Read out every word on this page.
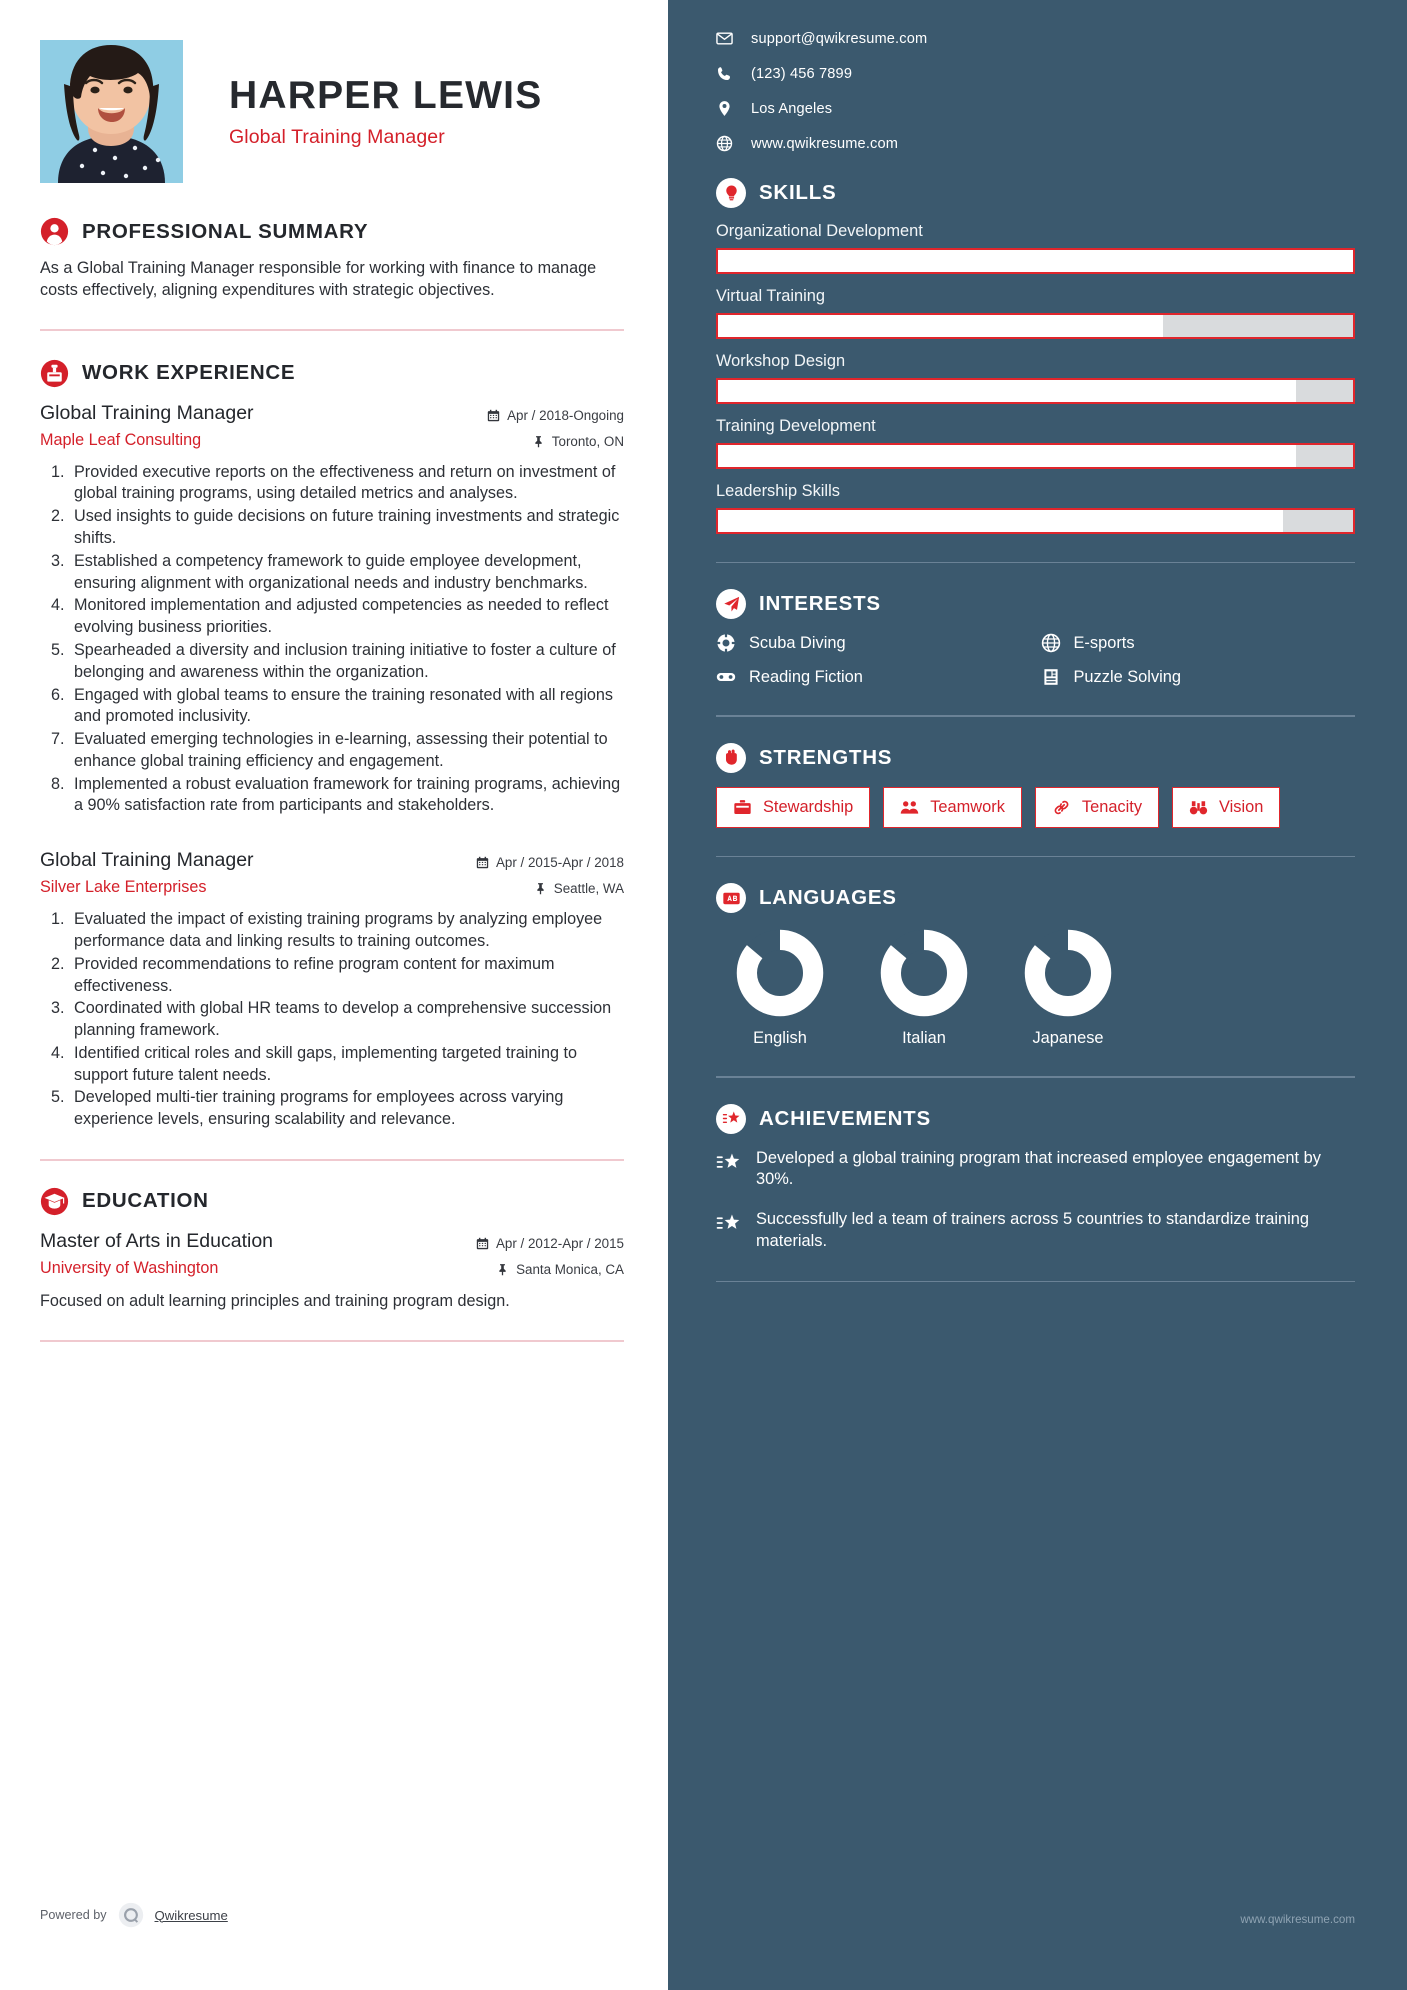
HARPER LEWIS
Global Training Manager
PROFESSIONAL SUMMARY
As a Global Training Manager responsible for working with finance to manage costs effectively, aligning expenditures with strategic objectives.
WORK EXPERIENCE
Global Training Manager
Maple Leaf Consulting
Apr / 2018-Ongoing
Toronto, ON
1. Provided executive reports on the effectiveness and return on investment of global training programs, using detailed metrics and analyses.
2. Used insights to guide decisions on future training investments and strategic shifts.
3. Established a competency framework to guide employee development, ensuring alignment with organizational needs and industry benchmarks.
4. Monitored implementation and adjusted competencies as needed to reflect evolving business priorities.
5. Spearheaded a diversity and inclusion training initiative to foster a culture of belonging and awareness within the organization.
6. Engaged with global teams to ensure the training resonated with all regions and promoted inclusivity.
7. Evaluated emerging technologies in e-learning, assessing their potential to enhance global training efficiency and engagement.
8. Implemented a robust evaluation framework for training programs, achieving a 90% satisfaction rate from participants and stakeholders.
Global Training Manager
Silver Lake Enterprises
Apr / 2015-Apr / 2018
Seattle, WA
1. Evaluated the impact of existing training programs by analyzing employee performance data and linking results to training outcomes.
2. Provided recommendations to refine program content for maximum effectiveness.
3. Coordinated with global HR teams to develop a comprehensive succession planning framework.
4. Identified critical roles and skill gaps, implementing targeted training to support future talent needs.
5. Developed multi-tier training programs for employees across varying experience levels, ensuring scalability and relevance.
EDUCATION
Master of Arts in Education
University of Washington
Apr / 2012-Apr / 2015
Santa Monica, CA
Focused on adult learning principles and training program design.
Powered by	Qwikresume
support@qwikresume.com
(123) 456 7899
Los Angeles
www.qwikresume.com
SKILLS
Organizational Development
Virtual Training
Workshop Design
Training Development
Leadership Skills
INTERESTS
Scuba Diving	E-sports
Reading Fiction	Puzzle Solving
STRENGTHS
Stewardship	Teamwork	Tenacity	Vision
LANGUAGES
English	Italian	Japanese
ACHIEVEMENTS
Developed a global training program that increased employee engagement by 30%.
Successfully led a team of trainers across 5 countries to standardize training materials.
www.qwikresume.com
